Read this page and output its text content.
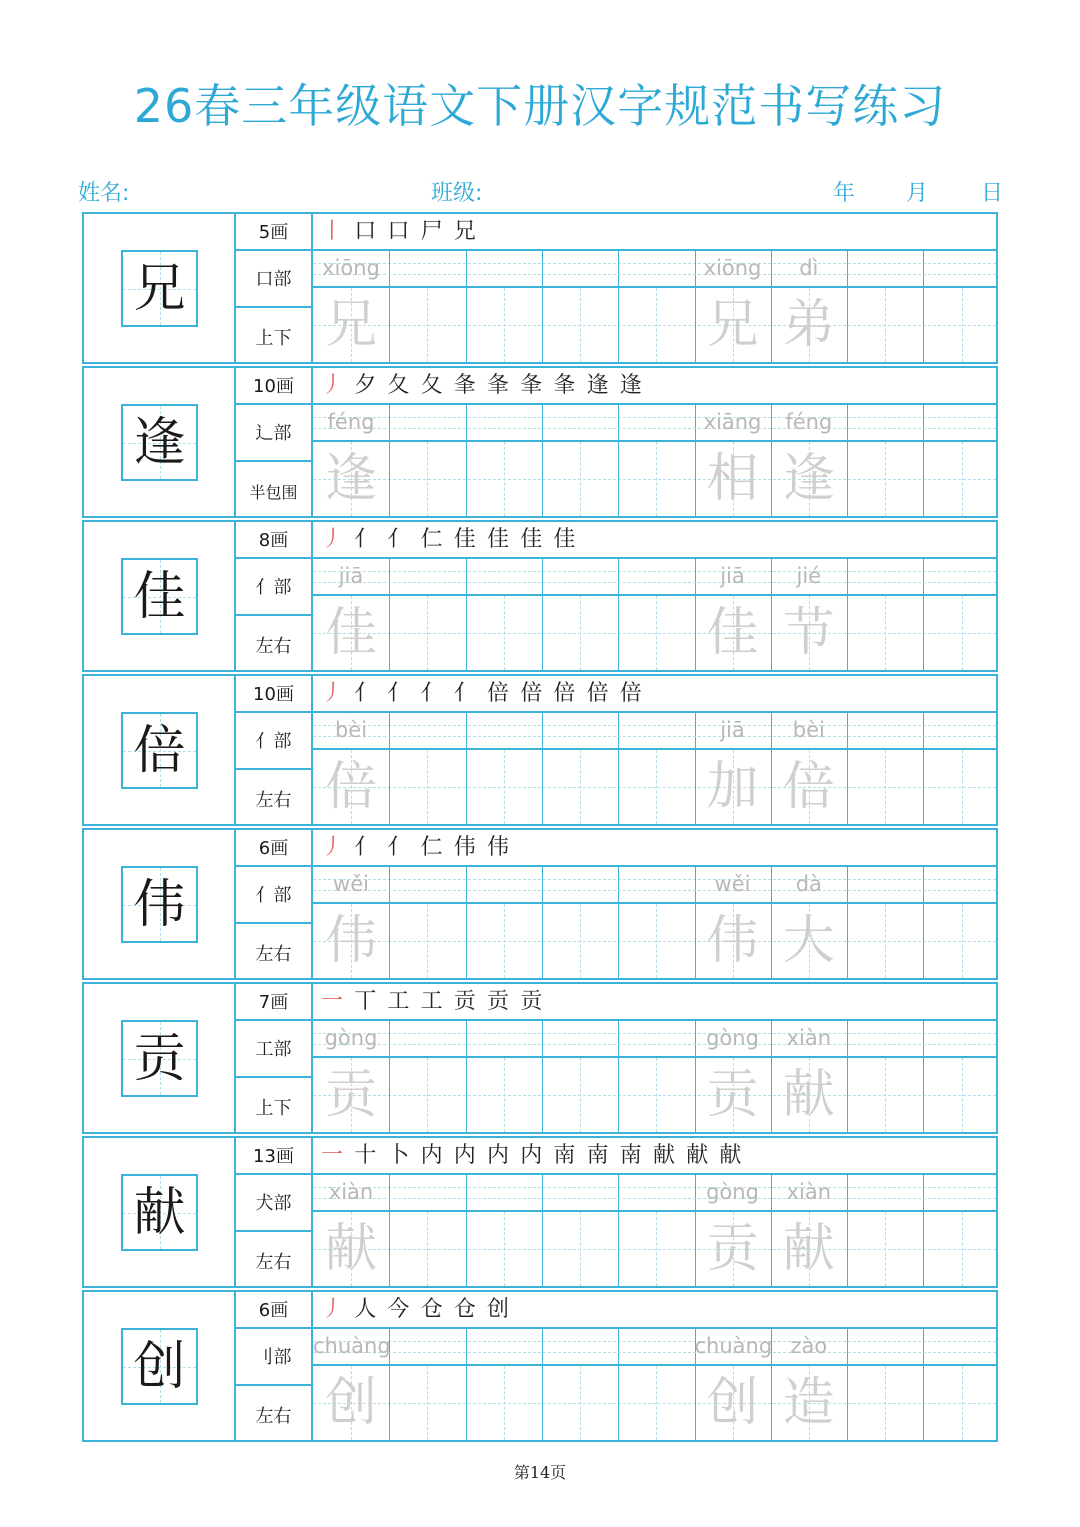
26春三年级语文下册汉字规范书写练习
姓名:	班级:	年 月 日
兄
5画
口部
上下
丨 口 口 尸 兄
xiōng	xiōng	dì
兄	兄 弟
逢
10画
辶部
半包围
丿 夕 夂 夂 夆 夆 夆 夆 逢 逢
féng	xiāng	féng
逢	相 逢
佳
8画
亻部
左右
丿 亻 亻 仁 佳 佳 佳 佳
jiā	jiā	jié
佳	佳 节
倍
10画
亻部
左右
丿 亻 亻 亻 亻 倍 倍 倍 倍 倍
bèi	jiā	bèi
倍	加 倍
伟
6画
亻部
左右
丿 亻 亻 仁 伟 伟
wěi	wěi	dà
伟	伟 大
贡
7画
工部
上下
一 丅 工 工 贡 贡 贡
gòng	gòng	xiàn
贡	贡 献
献
13画
犬部
左右
一 十 卜 内 内 内 内 南 南 南 献 献 献
xiàn	gòng	xiàn
献	贡 献
创
6画
刂部
左右
丿 人 今 仓 仓 创
chuàng	chuàng zào
创	创 造
第14页
